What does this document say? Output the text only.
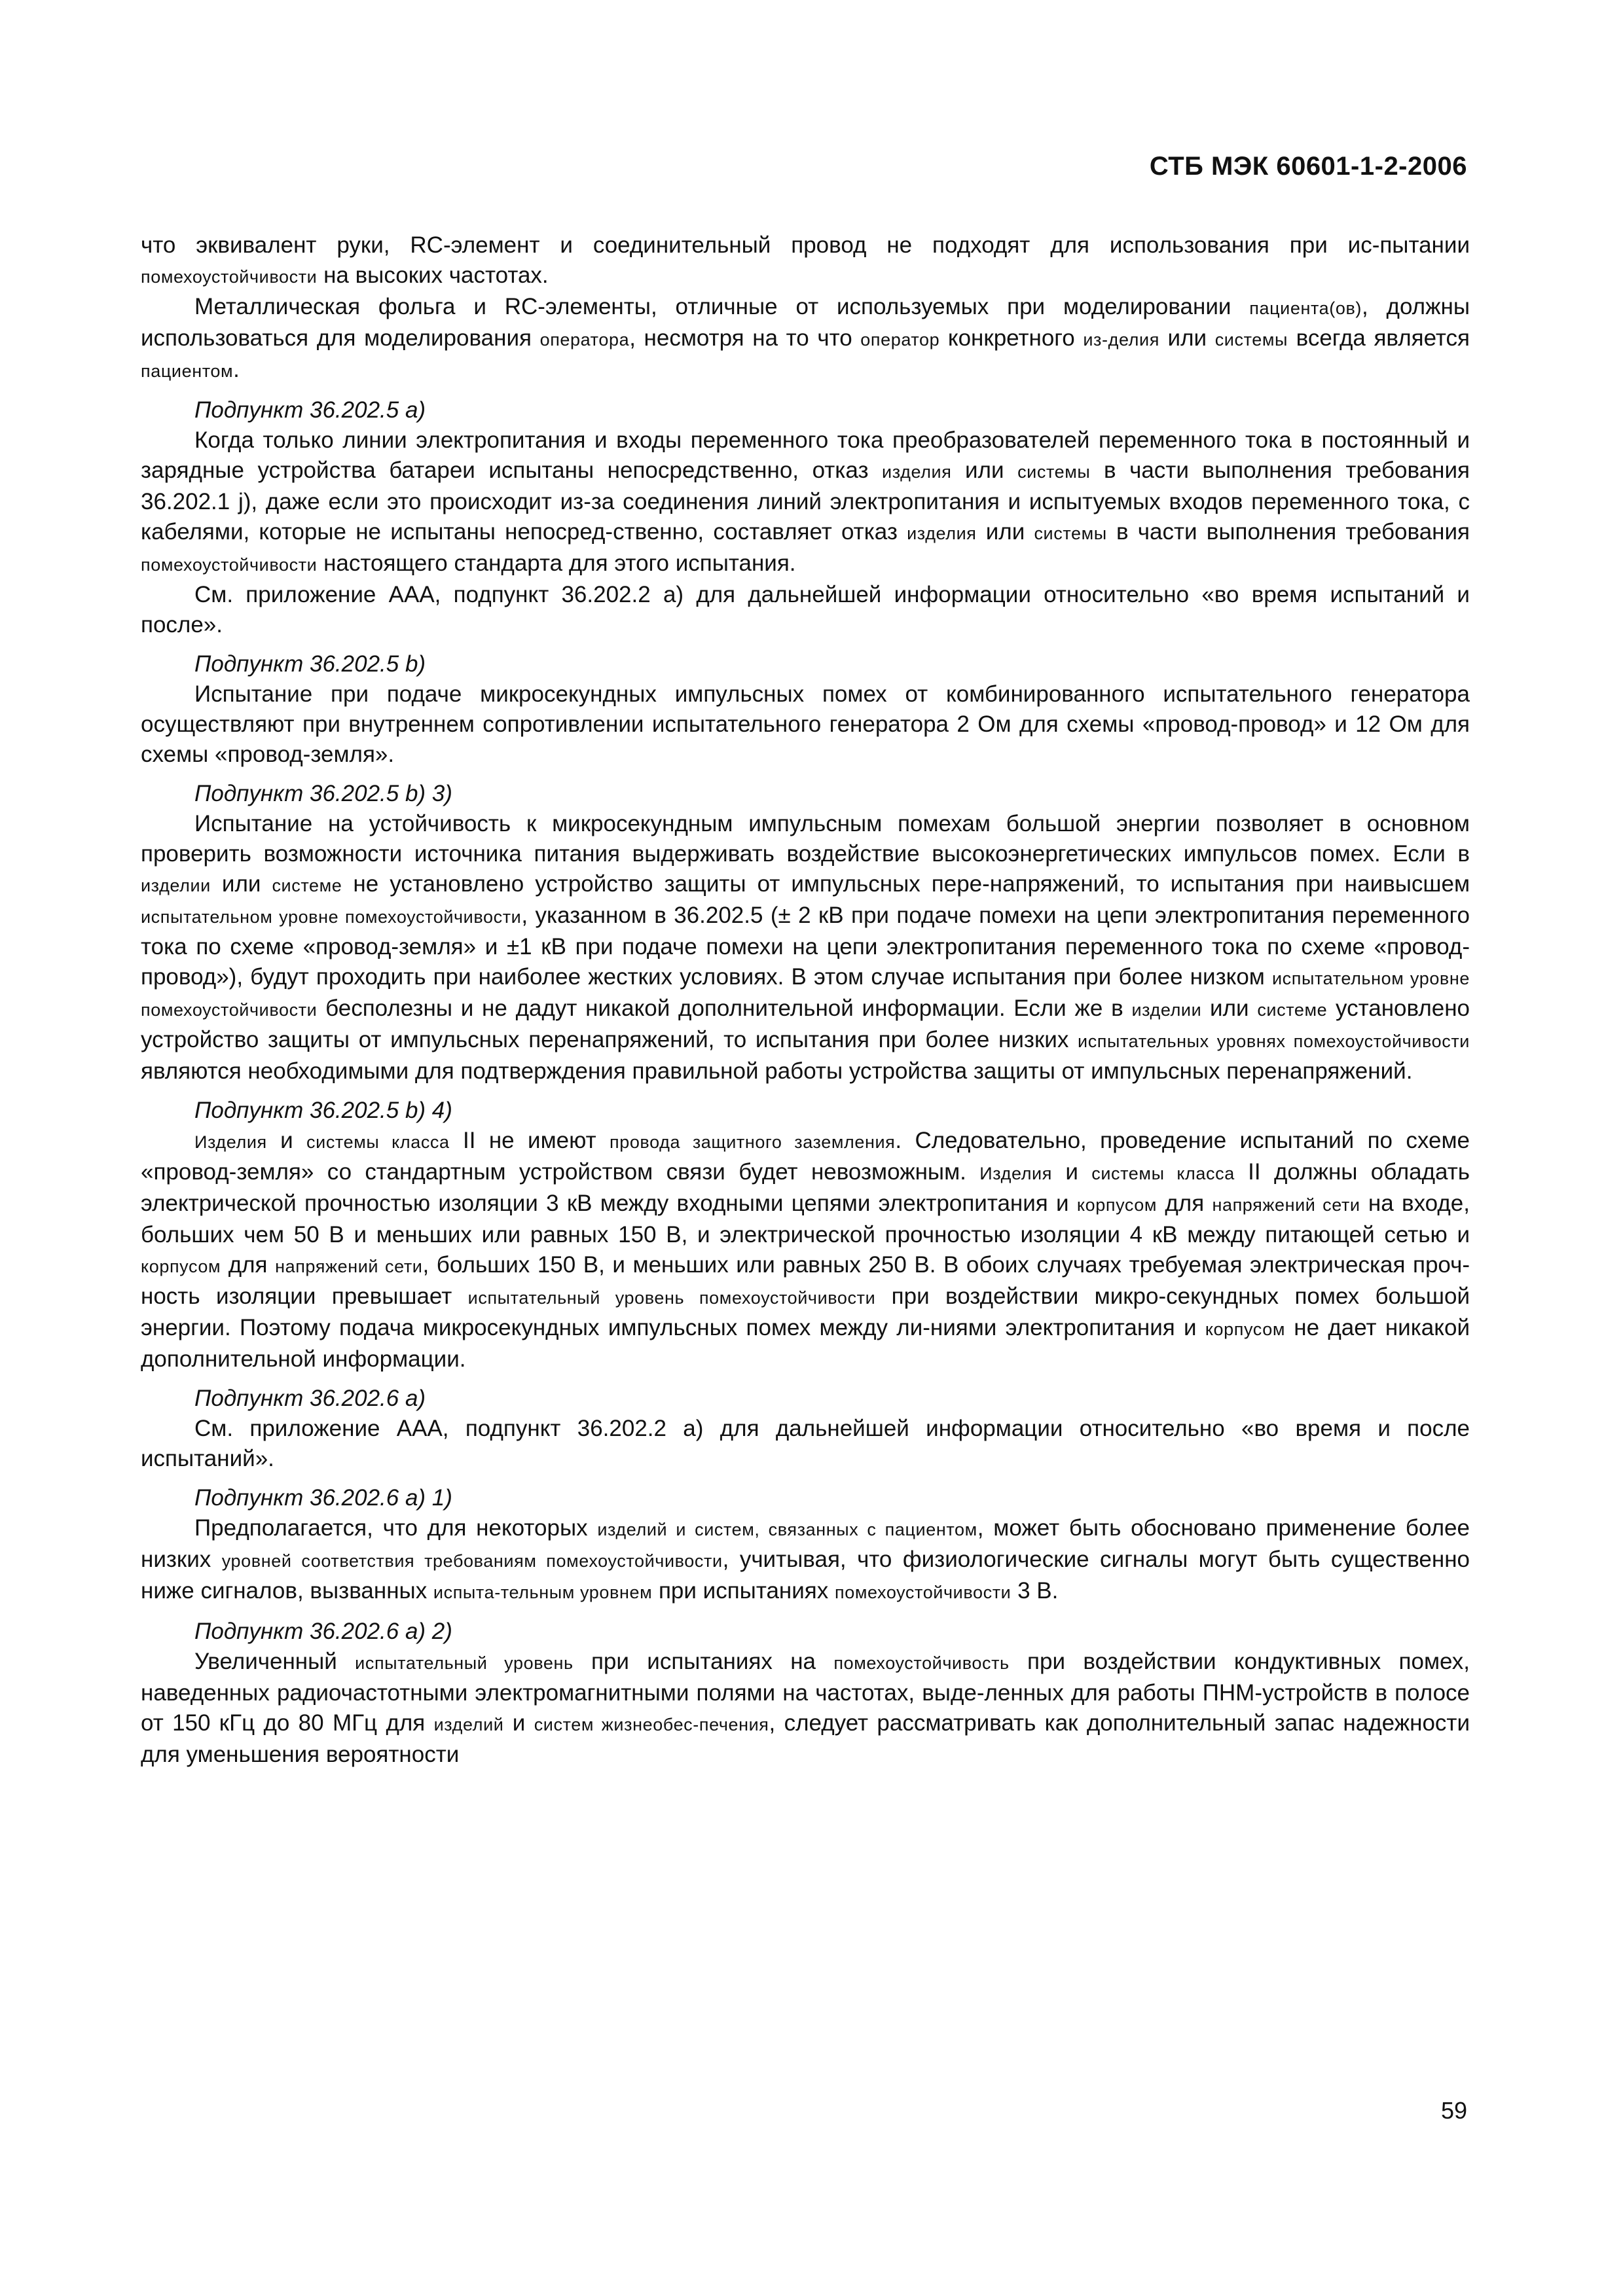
СТБ МЭК 60601-1-2-2006

что эквивалент руки, RC-элемент и соединительный провод не подходят для использования при ис-пытании помехоустойчивости на высоких частотах.

Металлическая фольга и RC-элементы, отличные от используемых при моделировании пациента(ов), должны использоваться для моделирования оператора, несмотря на то что оператор конкретного из-делия или системы всегда является пациентом.

Подпункт 36.202.5 a)

Когда только линии электропитания и входы переменного тока преобразователей переменного тока в постоянный и зарядные устройства батареи испытаны непосредственно, отказ изделия или системы в части выполнения требования 36.202.1 j), даже если это происходит из-за соединения линий электропитания и испытуемых входов переменного тока, с кабелями, которые не испытаны непосред-ственно, составляет отказ изделия или системы в части выполнения требования помехоустойчивости настоящего стандарта для этого испытания.

См. приложение ААА, подпункт 36.202.2 a) для дальнейшей информации относительно «во время испытаний и после».

Подпункт 36.202.5 b)

Испытание при подаче микросекундных импульсных помех от комбинированного испытательного генератора осуществляют при внутреннем сопротивлении испытательного генератора 2 Ом для схемы «провод-провод» и 12 Ом для схемы «провод-земля».

Подпункт 36.202.5 b) 3)

Испытание на устойчивость к микросекундным импульсным помехам большой энергии позволяет в основном проверить возможности источника питания выдерживать воздействие высокоэнергетических импульсов помех. Если в изделии или системе не установлено устройство защиты от импульсных пере-напряжений, то испытания при наивысшем испытательном уровне помехоустойчивости, указанном в 36.202.5 (± 2 кВ при подаче помехи на цепи электропитания переменного тока по схеме «провод-земля» и ±1 кВ при подаче помехи на цепи электропитания переменного тока по схеме «провод-провод»), будут проходить при наиболее жестких условиях. В этом случае испытания при более низком испытательном уровне помехоустойчивости бесполезны и не дадут никакой дополнительной информации. Если же в изделии или системе установлено устройство защиты от импульсных перенапряжений, то испытания при более низких испытательных уровнях помехоустойчивости являются необходимыми для подтверждения правильной работы устройства защиты от импульсных перенапряжений.

Подпункт 36.202.5 b) 4)

Изделия и системы класса II не имеют провода защитного заземления. Следовательно, проведение испытаний по схеме «провод-земля» со стандартным устройством связи будет невозможным. Изделия и системы класса II должны обладать электрической прочностью изоляции 3 кВ между входными цепями электропитания и корпусом для напряжений сети на входе, больших чем 50 В и меньших или равных 150 В, и электрической прочностью изоляции 4 кВ между питающей сетью и корпусом для напряжений сети, больших 150 В, и меньших или равных 250 В. В обоих случаях требуемая электрическая проч-ность изоляции превышает испытательный уровень помехоустойчивости при воздействии микро-секундных помех большой энергии. Поэтому подача микросекундных импульсных помех между ли-ниями электропитания и корпусом не дает никакой дополнительной информации.

Подпункт 36.202.6 a)

См. приложение ААА, подпункт 36.202.2 a) для дальнейшей информации относительно «во время и после испытаний».

Подпункт 36.202.6 a) 1)

Предполагается, что для некоторых изделий и систем, связанных с пациентом, может быть обосновано применение более низких уровней соответствия требованиям помехоустойчивости, учитывая, что физиологические сигналы могут быть существенно ниже сигналов, вызванных испыта-тельным уровнем при испытаниях помехоустойчивости 3 В.

Подпункт 36.202.6 a) 2)

Увеличенный испытательный уровень при испытаниях на помехоустойчивость при воздействии кондуктивных помех, наведенных радиочастотными электромагнитными полями на частотах, выде-ленных для работы ПНМ-устройств в полосе от 150 кГц до 80 МГц для изделий и систем жизнеобес-печения, следует рассматривать как дополнительный запас надежности для уменьшения вероятности

59
